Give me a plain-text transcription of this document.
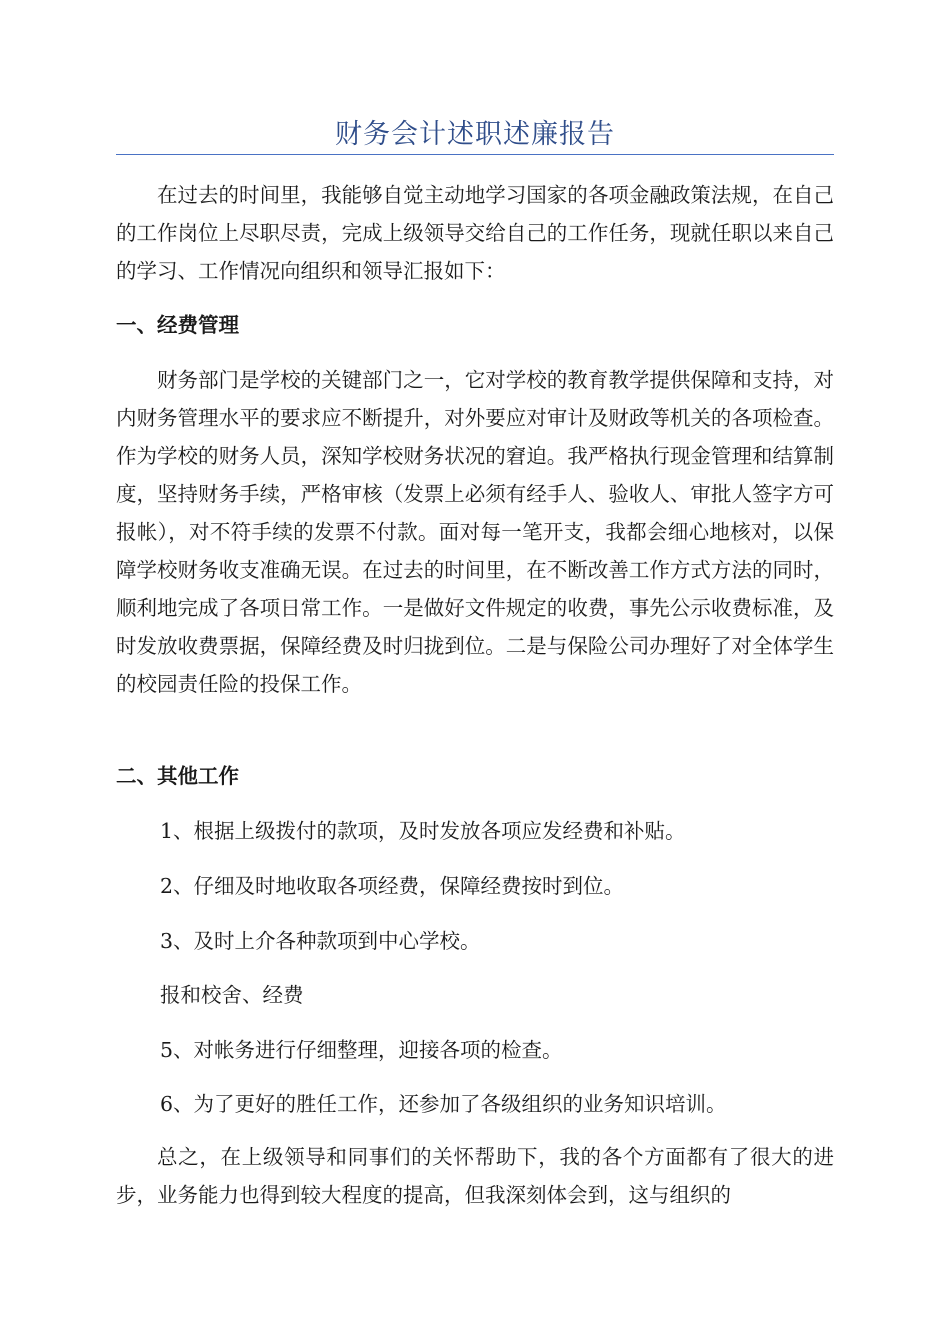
财务会计述职述廉报告

在过去的时间里，我能够自觉主动地学习国家的各项金融政策法规，在自己的工作岗位上尽职尽责，完成上级领导交给自己的工作任务，现就任职以来自己的学习、工作情况向组织和领导汇报如下：

一、经费管理

财务部门是学校的关键部门之一，它对学校的教育教学提供保障和支持，对内财务管理水平的要求应不断提升，对外要应对审计及财政等机关的各项检查。作为学校的财务人员，深知学校财务状况的窘迫。我严格执行现金管理和结算制度，坚持财务手续，严格审核（发票上必须有经手人、验收人、审批人签字方可报帐），对不符手续的发票不付款。面对每一笔开支，我都会细心地核对，以保障学校财务收支准确无误。在过去的时间里，在不断改善工作方式方法的同时，顺利地完成了各项日常工作。一是做好文件规定的收费，事先公示收费标准，及时发放收费票据，保障经费及时归拢到位。二是与保险公司办理好了对全体学生的校园责任险的投保工作。

二、其他工作

1、根据上级拨付的款项，及时发放各项应发经费和补贴。

2、仔细及时地收取各项经费，保障经费按时到位。

3、及时上介各种款项到中心学校。

报和校舍、经费

5、对帐务进行仔细整理，迎接各项的检查。

6、为了更好的胜任工作，还参加了各级组织的业务知识培训。

总之，在上级领导和同事们的关怀帮助下，我的各个方面都有了很大的进步，业务能力也得到较大程度的提高，但我深刻体会到，这与组织的
